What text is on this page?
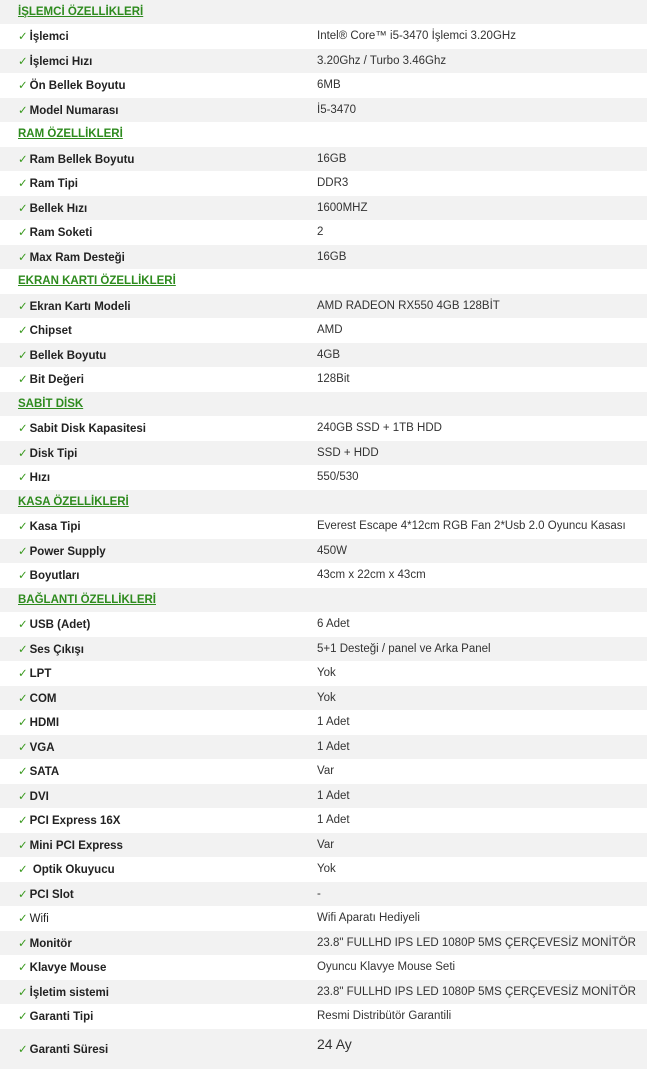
İŞLEMCİ ÖZELLİKLERİ	
✓ İşlemci	Intel® Core™ i5-3470 İşlemci 3.20GHz
✓ İşlemci Hızı	3.20Ghz / Turbo 3.46Ghz
✓ Ön Bellek Boyutu	6MB
✓ Model Numarası	İ5-3470
RAM ÖZELLİKLERİ	
✓ Ram Bellek Boyutu	16GB
✓ Ram Tipi	DDR3
✓ Bellek Hızı	1600MHZ
✓ Ram Soketi	2
✓ Max Ram Desteği	16GB
EKRAN KARTI ÖZELLİKLERİ	
✓ Ekran Kartı Modeli	AMD RADEON RX550 4GB 128BİT
✓ Chipset	AMD
✓ Bellek Boyutu	4GB
✓ Bit Değeri	128Bit
SABİT DİSK	
✓ Sabit Disk Kapasitesi	240GB SSD + 1TB HDD
✓ Disk Tipi	SSD + HDD
✓ Hızı	550/530
KASA ÖZELLİKLERİ	
✓ Kasa Tipi	Everest Escape 4*12cm RGB Fan 2*Usb 2.0 Oyuncu Kasası
✓ Power Supply	450W
✓ Boyutları	43cm x 22cm x 43cm
BAĞLANTI ÖZELLİKLERİ	
✓ USB (Adet)	6 Adet
✓ Ses Çıkışı	5+1 Desteği / panel ve Arka Panel
✓ LPT	Yok
✓ COM	Yok
✓ HDMI	1 Adet
✓ VGA	1 Adet
✓ SATA	Var
✓ DVI	1 Adet
✓ PCI Express 16X	1 Adet
✓ Mini PCI Express	Var
✓ Optik Okuyucu	Yok
✓ PCI Slot	-
✓ Wifi	Wifi Aparatı Hediyeli
✓ Monitör	23.8" FULLHD IPS LED 1080P 5MS ÇERÇEVESİZ MONİTÖR
✓ Klavye Mouse	Oyuncu Klavye Mouse Seti
✓ İşletim sistemi	23.8" FULLHD IPS LED 1080P 5MS ÇERÇEVESİZ MONİTÖR
✓ Garanti Tipi	Resmi Distribütör Garantili
✓ Garanti Süresi	24 Ay
